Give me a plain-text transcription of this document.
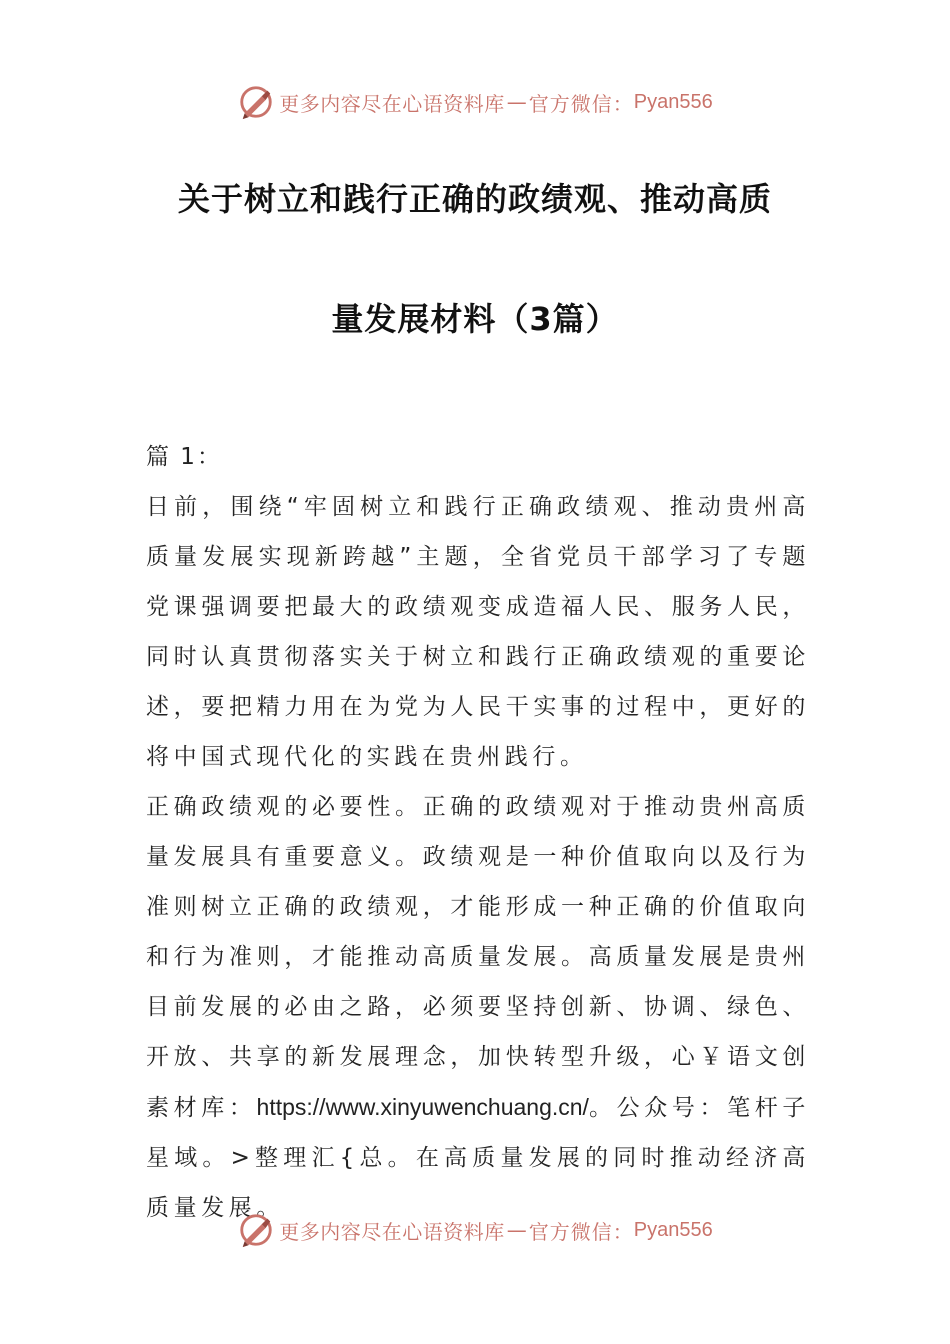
更多内容尽在心语资料库 — 官方微信： Pyan556
关于树立和践行正确的政绩观、推动高质
量发展材料（3篇）
篇 1：
日前，围绕“牢固树立和践行正确政绩观、推动贵州高质量发展实现新跨越”主题，全省党员干部学习了专题党课强调要把最大的政绩观变成造福人民、服务人民，同时认真贯彻落实关于树立和践行正确政绩观的重要论述，要把精力用在为党为人民干实事的过程中，更好的将中国式现代化的实践在贵州践行。
正确政绩观的必要性。正确的政绩观对于推动贵州高质量发展具有重要意义。政绩观是一种价值取向以及行为准则树立正确的政绩观，才能形成一种正确的价值取向和行为准则，才能推动高质量发展。高质量发展是贵州目前发展的必由之路，必须要坚持创新、协调、绿色、开放、共享的新发展理念，加快转型升级，心￥语文创素材库：https://www.xinyuwenchuang.cn/。公众号：笔杆子星域。>整理汇{总。在高质量发展的同时推动经济高质量发展。
更多内容尽在心语资料库 — 官方微信： Pyan556
